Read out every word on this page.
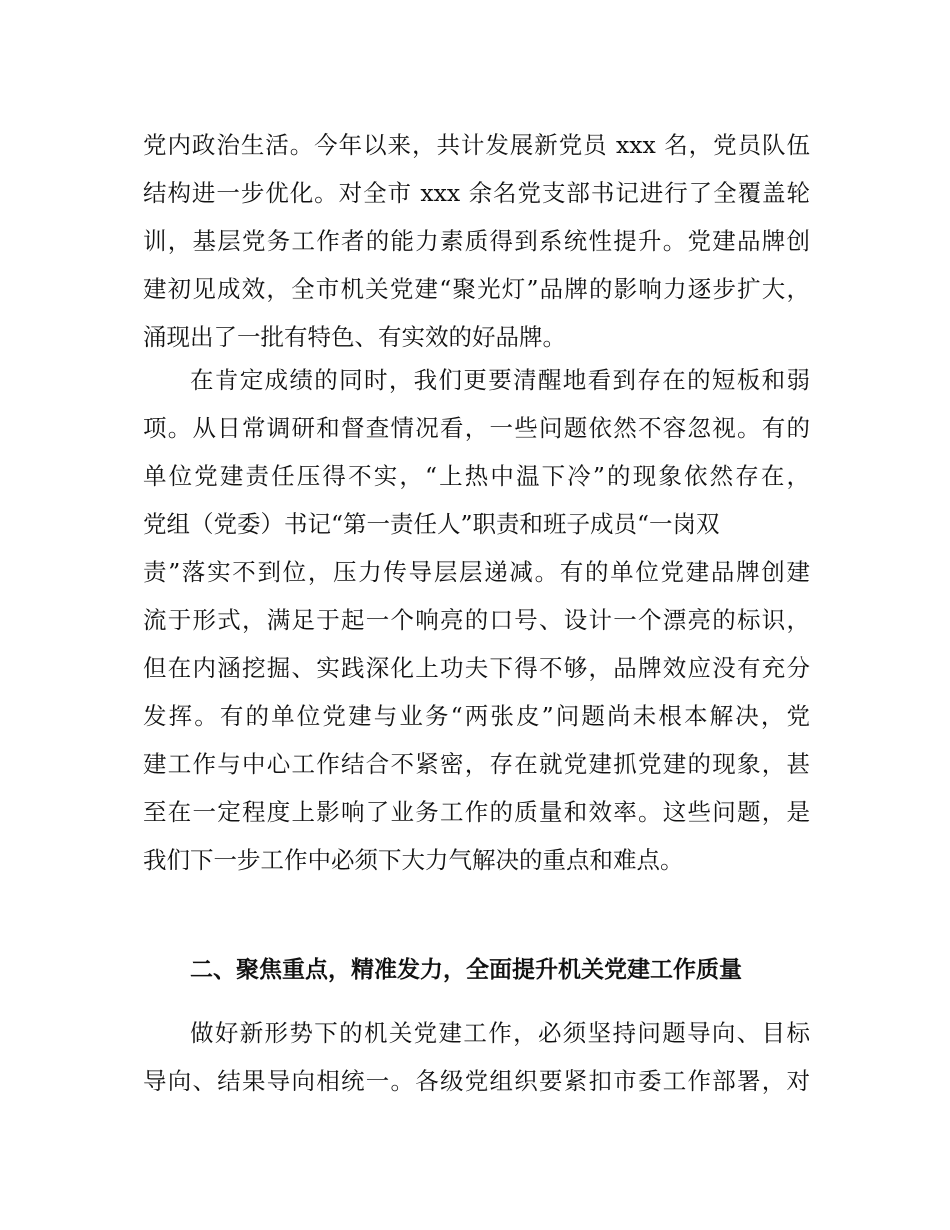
党内政治生活。今年以来，共计发展新党员 xxx 名，党员队伍
结构进一步优化。对全市 xxx 余名党支部书记进行了全覆盖轮
训，基层党务工作者的能力素质得到系统性提升。党建品牌创
建初见成效，全市机关党建“聚光灯”品牌的影响力逐步扩大，
涌现出了一批有特色、有实效的好品牌。
在肯定成绩的同时，我们更要清醒地看到存在的短板和弱
项。从日常调研和督查情况看，一些问题依然不容忽视。有的
单位党建责任压得不实，“上热中温下冷”的现象依然存在，
党组（党委）书记“第一责任人”职责和班子成员“一岗双
责”落实不到位，压力传导层层递减。有的单位党建品牌创建
流于形式，满足于起一个响亮的口号、设计一个漂亮的标识，
但在内涵挖掘、实践深化上功夫下得不够，品牌效应没有充分
发挥。有的单位党建与业务“两张皮”问题尚未根本解决，党
建工作与中心工作结合不紧密，存在就党建抓党建的现象，甚
至在一定程度上影响了业务工作的质量和效率。这些问题，是
我们下一步工作中必须下大力气解决的重点和难点。
二、聚焦重点，精准发力，全面提升机关党建工作质量
做好新形势下的机关党建工作，必须坚持问题导向、目标
导向、结果导向相统一。各级党组织要紧扣市委工作部署，对
